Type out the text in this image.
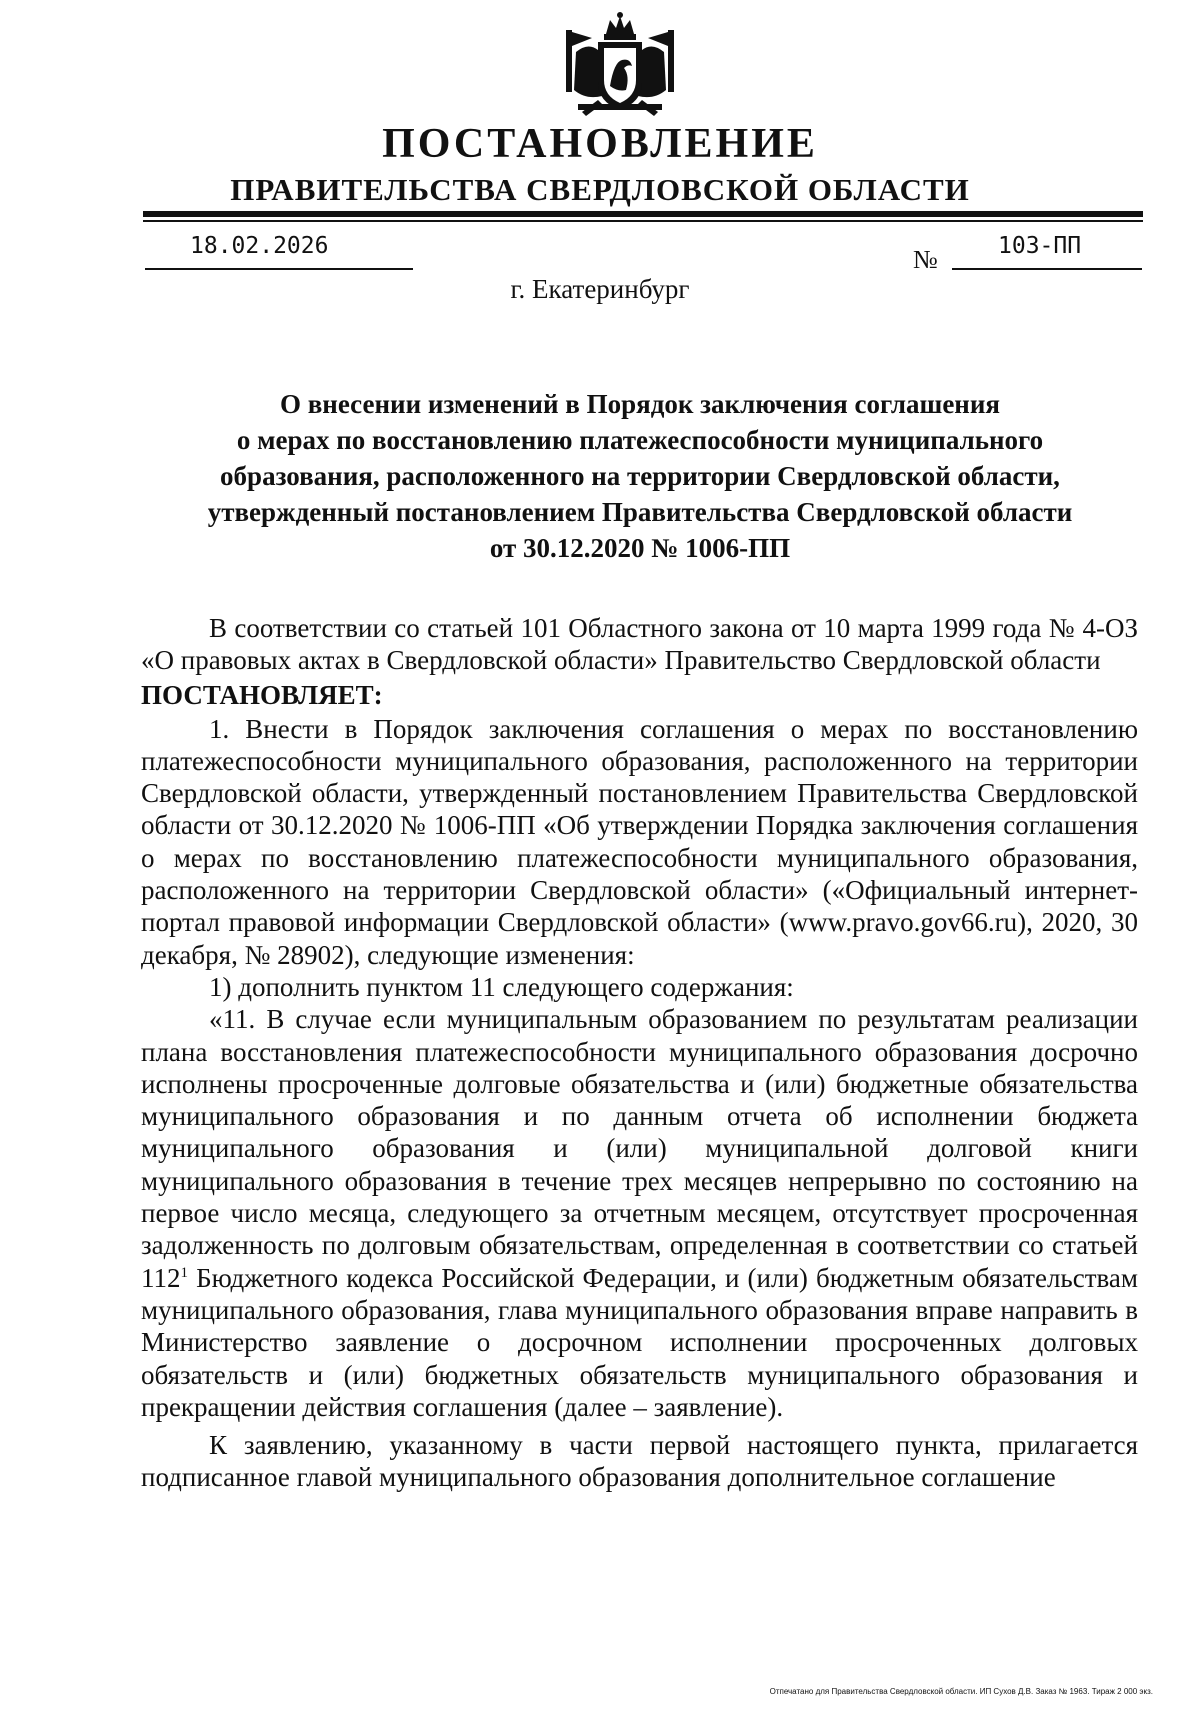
ПОСТАНОВЛЕНИЕ
ПРАВИТЕЛЬСТВА СВЕРДЛОВСКОЙ ОБЛАСТИ
18.02.2026	№	103-ПП
г. Екатеринбург
О внесении изменений в Порядок заключения соглашения
о мерах по восстановлению платежеспособности муниципального
образования, расположенного на территории Свердловской области,
утвержденный постановлением Правительства Свердловской области
от 30.12.2020 № 1006-ПП

В соответствии со статьей 101 Областного закона от 10 марта 1999 года № 4-ОЗ «О правовых актах в Свердловской области» Правительство Свердловской области

ПОСТАНОВЛЯЕТ:

1. Внести в Порядок заключения соглашения о мерах по восстановлению платежеспособности муниципального образования, расположенного на территории Свердловской области, утвержденный постановлением Правительства Свердловской области от 30.12.2020 № 1006-ПП «Об утверждении Порядка заключения соглашения о мерах по восстановлению платежеспособности муниципального образования, расположенного на территории Свердловской области» («Официальный интернет-портал правовой информации Свердловской области» (www.pravo.gov66.ru), 2020, 30 декабря, № 28902), следующие изменения:

1) дополнить пунктом 11 следующего содержания:

«11. В случае если муниципальным образованием по результатам реализации плана восстановления платежеспособности муниципального образования досрочно исполнены просроченные долговые обязательства и (или) бюджетные обязательства муниципального образования и по данным отчета об исполнении бюджета муниципального образования и (или) муниципальной долговой книги муниципального образования в течение трех месяцев непрерывно по состоянию на первое число месяца, следующего за отчетным месяцем, отсутствует просроченная задолженность по долговым обязательствам, определенная в соответствии со статьей $112^1$ Бюджетного кодекса Российской Федерации, и (или) бюджетным обязательствам муниципального образования, глава муниципального образования вправе направить в Министерство заявление о досрочном исполнении просроченных долговых обязательств и (или) бюджетных обязательств муниципального образования и прекращении действия соглашения (далее – заявление).

К заявлению, указанному в части первой настоящего пункта, прилагается подписанное главой муниципального образования дополнительное соглашение

Отпечатано для Правительства Свердловской области. ИП Сухов Д.В. Заказ № 1963. Тираж 2 000 экз.
